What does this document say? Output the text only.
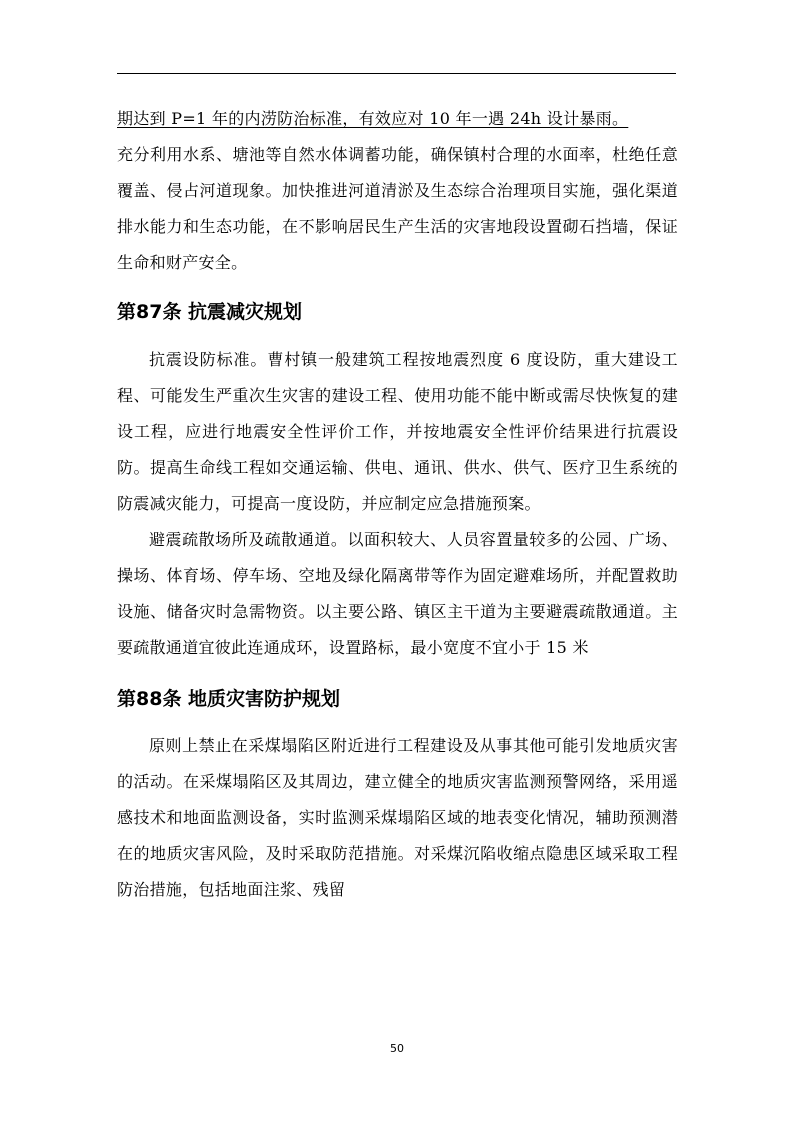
期达到 P=1 年的内涝防治标准，有效应对 10 年一遇 24h 设计暴雨。

充分利用水系、塘池等自然水体调蓄功能，确保镇村合理的水面率，杜绝任意覆盖、侵占河道现象。加快推进河道清淤及生态综合治理项目实施，强化渠道排水能力和生态功能，在不影响居民生产生活的灾害地段设置砌石挡墙，保证生命和财产安全。

第87条 抗震减灾规划

抗震设防标准。曹村镇一般建筑工程按地震烈度 6 度设防，重大建设工程、可能发生严重次生灾害的建设工程、使用功能不能中断或需尽快恢复的建设工程，应进行地震安全性评价工作，并按地震安全性评价结果进行抗震设防。提高生命线工程如交通运输、供电、通讯、供水、供气、医疗卫生系统的防震减灾能力，可提高一度设防，并应制定应急措施预案。

避震疏散场所及疏散通道。以面积较大、人员容置量较多的公园、广场、操场、体育场、停车场、空地及绿化隔离带等作为固定避难场所，并配置救助设施、储备灾时急需物资。以主要公路、镇区主干道为主要避震疏散通道。主要疏散通道宜彼此连通成环，设置路标，最小宽度不宜小于 15 米

第88条 地质灾害防护规划

原则上禁止在采煤塌陷区附近进行工程建设及从事其他可能引发地质灾害的活动。在采煤塌陷区及其周边，建立健全的地质灾害监测预警网络，采用遥感技术和地面监测设备，实时监测采煤塌陷区域的地表变化情况，辅助预测潜在的地质灾害风险，及时采取防范措施。对采煤沉陷收缩点隐患区域采取工程防治措施，包括地面注浆、残留

50
